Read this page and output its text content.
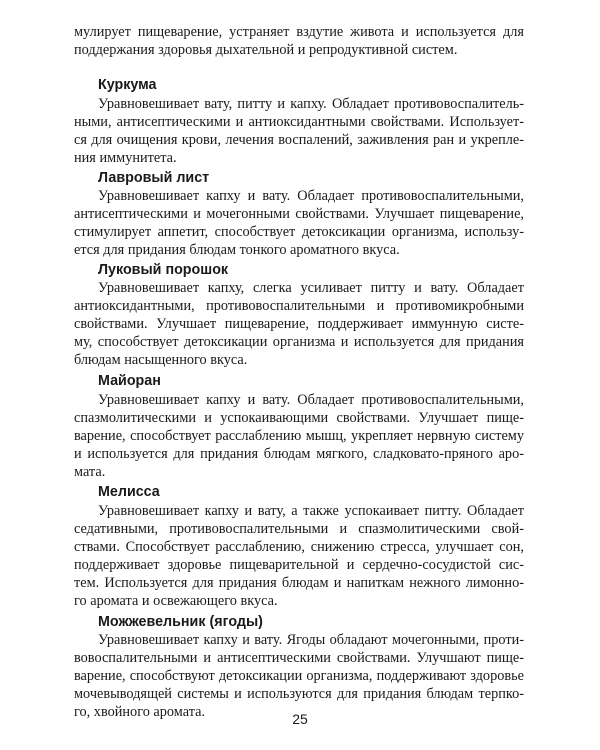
мулирует пищеварение, устраняет вздутие живота и используется для
поддержания здоровья дыхательной и репродуктивной систем.
Куркума
Уравновешивает вату, питту и капху. Обладает противовоспалитель-
ными, антисептическими и антиоксидантными свойствами. Использует-
ся для очищения крови, лечения воспалений, заживления ран и укрепле-
ния иммунитета.
Лавровый лист
Уравновешивает капху и вату. Обладает противовоспалительными,
антисептическими и мочегонными свойствами. Улучшает пищеварение,
стимулирует аппетит, способствует детоксикации организма, использу-
ется для придания блюдам тонкого ароматного вкуса.
Луковый порошок
Уравновешивает капху, слегка усиливает питту и вату. Обладает
антиоксидантными, противовоспалительными и противомикробными
свойствами. Улучшает пищеварение, поддерживает иммунную систе-
му, способствует детоксикации организма и используется для придания
блюдам насыщенного вкуса.
Майоран
Уравновешивает капху и вату. Обладает противовоспалительными,
спазмолитическими и успокаивающими свойствами. Улучшает пище-
варение, способствует расслаблению мышц, укрепляет нервную систему
и используется для придания блюдам мягкого, сладковато-пряного аро-
мата.
Мелисса
Уравновешивает капху и вату, а также успокаивает питту. Обладает
седативными, противовоспалительными и спазмолитическими свой-
ствами. Способствует расслаблению, снижению стресса, улучшает сон,
поддерживает здоровье пищеварительной и сердечно-сосудистой сис-
тем. Используется для придания блюдам и напиткам нежного лимонно-
го аромата и освежающего вкуса.
Можжевельник (ягоды)
Уравновешивает капху и вату. Ягоды обладают мочегонными, проти-
вовоспалительными и антисептическими свойствами. Улучшают пище-
варение, способствуют детоксикации организма, поддерживают здоровье
мочевыводящей системы и используются для придания блюдам терпко-
го, хвойного аромата.	25
